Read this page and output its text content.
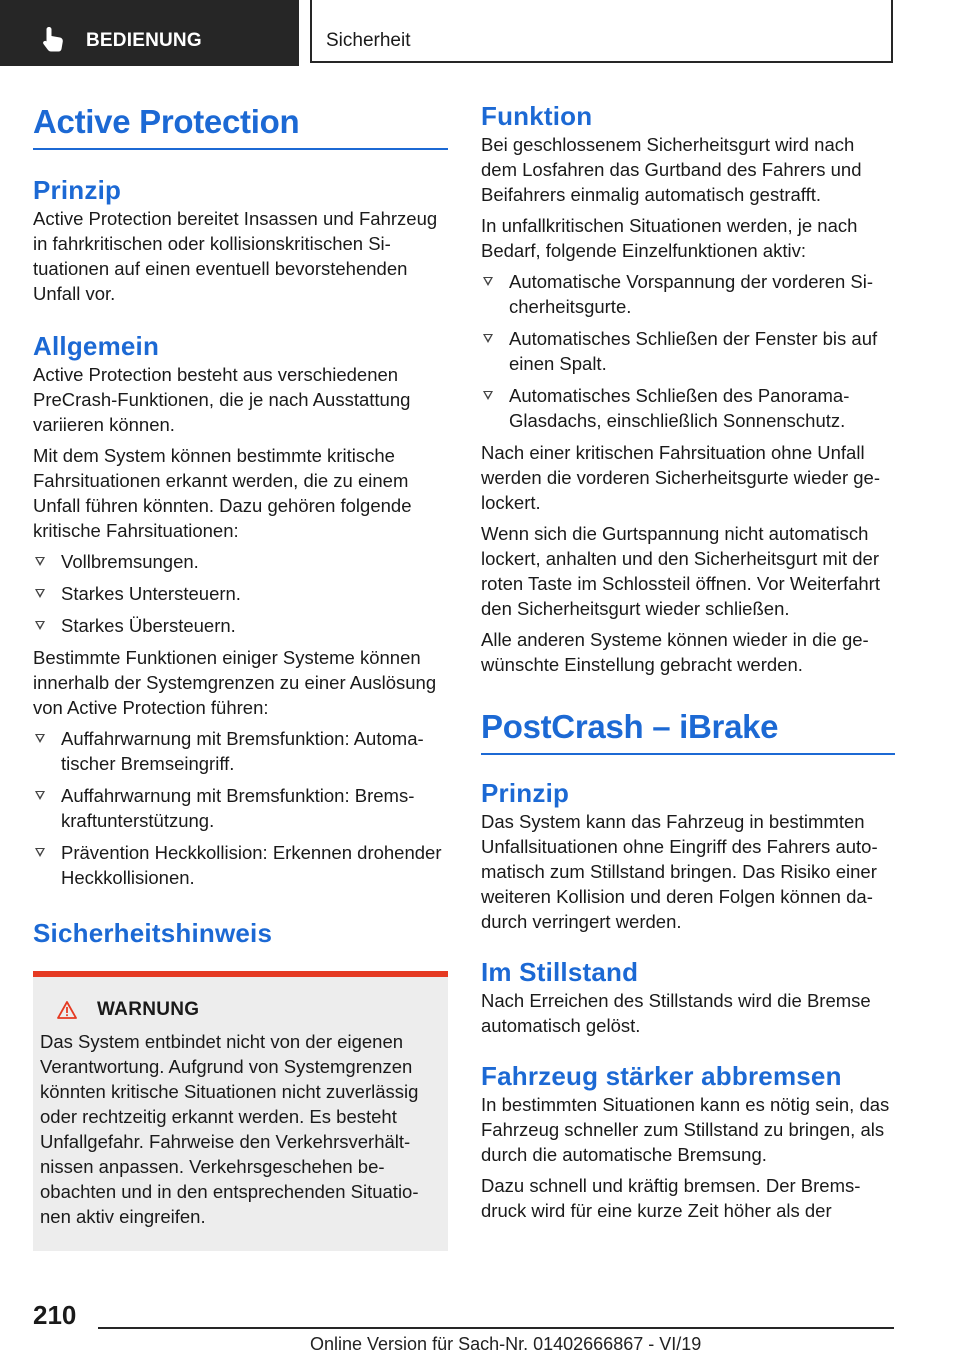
BEDIENUNG	Sicherheit
Active Protection
Prinzip

Active Protection bereitet Insassen und Fahrzeug in fahrkritischen oder kollisionskritischen Situationen auf einen eventuell bevorstehenden Unfall vor.

Allgemein

Active Protection besteht aus verschiedenen PreCrash-Funktionen, die je nach Ausstattung variieren können.

Mit dem System können bestimmte kritische Fahrsituationen erkannt werden, die zu einem Unfall führen könnten. Dazu gehören folgende kritische Fahrsituationen:

Vollbremsungen.
Starkes Untersteuern.
Starkes Übersteuern.

Bestimmte Funktionen einiger Systeme können innerhalb der Systemgrenzen zu einer Auslösung von Active Protection führen:

Auffahrwarnung mit Bremsfunktion: Automatischer Bremseingriff.
Auffahrwarnung mit Bremsfunktion: Bremskraftunterstützung.
Prävention Heckkollision: Erkennen drohender Heckkollisionen.
Sicherheitshinweis
WARNUNG

Das System entbindet nicht von der eigenen Verantwortung. Aufgrund von Systemgrenzen könnten kritische Situationen nicht zuverlässig oder rechtzeitig erkannt werden. Es besteht Unfallgefahr. Fahrweise den Verkehrsverhältnissen anpassen. Verkehrsgeschehen beobachten und in den entsprechenden Situationen aktiv eingreifen.

Funktion

Bei geschlossenem Sicherheitsgurt wird nach dem Losfahren das Gurtband des Fahrers und Beifahrers einmalig automatisch gestrafft.

In unfallkritischen Situationen werden, je nach Bedarf, folgende Einzelfunktionen aktiv:

Automatische Vorspannung der vorderen Sicherheitsgurte.
Automatisches Schließen der Fenster bis auf einen Spalt.
Automatisches Schließen des Panorama-Glasdachs, einschließlich Sonnenschutz.

Nach einer kritischen Fahrsituation ohne Unfall werden die vorderen Sicherheitsgurte wieder gelockert.

Wenn sich die Gurtspannung nicht automatisch lockert, anhalten und den Sicherheitsgurt mit der roten Taste im Schlossteil öffnen. Vor Weiterfahrt den Sicherheitsgurt wieder schließen.

Alle anderen Systeme können wieder in die gewünschte Einstellung gebracht werden.

PostCrash – iBrake
Prinzip

Das System kann das Fahrzeug in bestimmten Unfallsituationen ohne Eingriff des Fahrers automatisch zum Stillstand bringen. Das Risiko einer weiteren Kollision und deren Folgen können dadurch verringert werden.

Im Stillstand

Nach Erreichen des Stillstands wird die Bremse automatisch gelöst.

Fahrzeug stärker abbremsen

In bestimmten Situationen kann es nötig sein, das Fahrzeug schneller zum Stillstand zu bringen, als durch die automatische Bremsung.

Dazu schnell und kräftig bremsen. Der Bremsdruck wird für eine kurze Zeit höher als der

210
Online Version für Sach-Nr. 01402666867 - VI/19
